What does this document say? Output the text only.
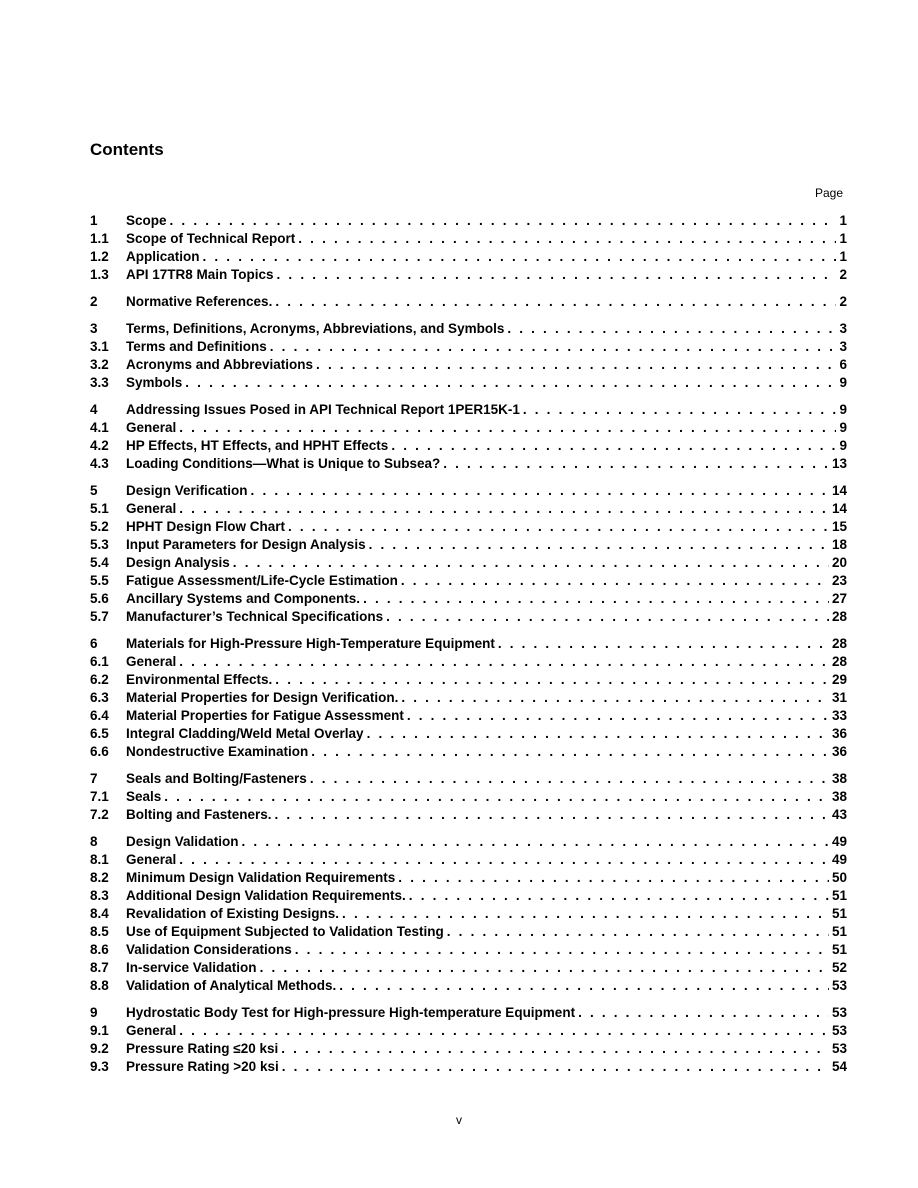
Contents
Page
1	Scope . . .	1
1.1	Scope of Technical Report . . .	1
1.2	Application . . .	1
1.3	API 17TR8 Main Topics . . .	2
2	Normative References. . . .	2
3	Terms, Definitions, Acronyms, Abbreviations, and Symbols . . .	3
3.1	Terms and Definitions . . .	3
3.2	Acronyms and Abbreviations . . .	6
3.3	Symbols . . .	9
4	Addressing Issues Posed in API Technical Report 1PER15K-1 . . .	9
4.1	General . . .	9
4.2	HP Effects, HT Effects, and HPHT Effects . . .	9
4.3	Loading Conditions—What is Unique to Subsea? . . .	13
5	Design Verification . . .	14
5.1	General . . .	14
5.2	HPHT Design Flow Chart . . .	15
5.3	Input Parameters for Design Analysis . . .	18
5.4	Design Analysis . . .	20
5.5	Fatigue Assessment/Life-Cycle Estimation . . .	23
5.6	Ancillary Systems and Components. . . .	27
5.7	Manufacturer’s Technical Specifications . . .	28
6	Materials for High-Pressure High-Temperature Equipment . . .	28
6.1	General . . .	28
6.2	Environmental Effects. . . .	29
6.3	Material Properties for Design Verification. . . .	31
6.4	Material Properties for Fatigue Assessment . . .	33
6.5	Integral Cladding/Weld Metal Overlay . . .	36
6.6	Nondestructive Examination . . .	36
7	Seals and Bolting/Fasteners . . .	38
7.1	Seals . . .	38
7.2	Bolting and Fasteners. . . .	43
8	Design Validation . . .	49
8.1	General . . .	49
8.2	Minimum Design Validation Requirements . . .	50
8.3	Additional Design Validation Requirements. . . .	51
8.4	Revalidation of Existing Designs. . . .	51
8.5	Use of Equipment Subjected to Validation Testing . . .	51
8.6	Validation Considerations . . .	51
8.7	In-service Validation . . .	52
8.8	Validation of Analytical Methods. . . .	53
9	Hydrostatic Body Test for High-pressure High-temperature Equipment . . .	53
9.1	General . . .	53
9.2	Pressure Rating ≤20 ksi . . .	53
9.3	Pressure Rating >20 ksi . . .	54
v
